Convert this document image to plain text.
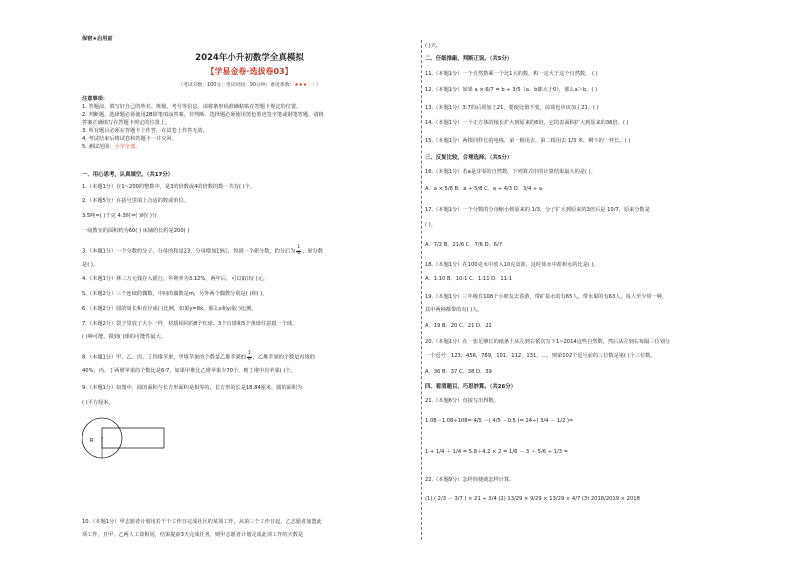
保密★启用前
2024年小升初数学全真模拟
【学易金卷·选拔卷03】
（考试分数：100分；考试时间：90分钟；难度系数：★★★☆☆）
注意事项：
1. 答题前，填写好自己的姓名、班级、考号等信息，请将条形码准确粘贴在答题卡规定的位置。
2. 判断题、选择题必须使用2B铅笔填涂答案，非判断、选择题必须使用黑色墨迹签字笔或钢笔答题，请将
答案正确填写在答题卡规定的位置上。
3. 所有题目必须在答题卡上作答，在试卷上作答无效。
4. 考试结束后将试卷和答题卡一并交回。
5. 测试范围：小学全部。
一、用心思考，认真填空。（共17分）
1.（本题1分）在1~200的整数中，是3的倍数或4的倍数的数一共有( )个。
2.（本题5分）在括号里填上合适的数或单位。
3.5吨=( )千克 4.3时=( )时( )分
一间教室的面积约为60( ) 床铺的长约是200( )
3.（本题1分）一个分数的分子、分母的和是23，分母增加19后，得到一个新分数，约分后为 $\frac{1}{6}$ ，原分数
是( )。
4.（本题1分）林三万元钱存入银行，年利率为3.12%，两年后，可以取出( )元。
5.（本题2分）三个连续的偶数，中间的偶数是m，另外两个偶数分别是( )和( )。
6.（本题2分）圆的周长和直径成( )比例，如果y=8x，那么x和y成( )比例。
7.（本题2分）袋子里放了大小一样、材质相同的8个红球、3个白球和5个黄球任意摸一个球，
( )种可能，摸到( )球的可能性最大。
8.（本题1分）甲、乙、丙、丁四堆苹果，甲堆苹果的个数是乙堆苹果的 $\frac{1}{6}$ ，乙堆苹果的个数是丙堆的
40%，丙、丁两堆苹果的个数比是6:7，如果甲堆比乙堆苹果少70个，则丁堆中有苹果( )个。
9.（本题1分）如图中，圆的面积与长方形面积是相等的，长方形的长是18.84厘米，圆的面积为
( )平方厘米。
R
10.（本题1分）甲志愿者计划用若干个工作日完成社区的某项工作，从第三个工作日起，乙志愿者加盟此
项工作，且甲、乙两人工效相同，结果提前3天完成任务，则甲志愿者计划完成此项工作的天数是
( )天。
二、仔细推敲，判断正误。（共5分）
11.（本题1分）一个自然数乘一个比1大的数，积一定大于这个自然数。 ( )
12.（本题1分）如果 a × 6/7 = b ÷ 3/5（a、b都大于0），那么a＞b。( )
13.（本题1分）3:7的后项加上21，要使比值不变，前项也应该加上21。( )
14.（本题1分）一个正方体的棱长扩大到原来的6倍，它的表面积扩大到原来的36倍。( )
15.（本题1分）两根同样长的电线，第一根用去，第二根用去 1/3 米，剩下的一样长。( )
三、反复比较，合理选择。（共5分）
16.（本题1分）若a是非零的自然数，下列算式中的计算结果最大的是( )。
A．a × 5/8 B．a ÷ 5/8 C．a ÷ 4/3 D．3/4 ÷ a
17.（本题1分）一个分数的分母缩小到原来的 1/3，分子扩大到原来的3倍后是 10/7，原来分数是
( )。
A．7/2 B．21/6 C．7/6 D．6/7
18.（本题1分）在100克水中放入10克食盐，这时盐水中盐和水的比是( )。
A．1:10 B．10:1 C．1:11 D．11:1
19.（本题1分）三年级有108个小朋友去春游，带矿泉水的有65人，带水果的有63人，每人至少带一种，
其中两种都带的有( )人。
A．19 B．20 C．21 D．22
20.（本题1分）在一张足够长的纸条上从左到右依次写下1~2014这些自然数，然后从左到右每隔三位划分
一个逗号：123，456，789，101，112，131，…，则第102个逗号前的三位数是第( )个三位数。
A．36 B．37 C．38 D．39
四、看清题目，巧思妙算。（共26分）
21.（本题6分）直接写出得数。
1.08－1.08÷108= 4/5 －( 4/5 －0.5 )= 24÷( 3/4 － 1/2 )=
1 ÷ 1/4 ＋ 1/4 = 5.8＋4.2 × 2 = 1/6 － 3 ＋ 5/6 ÷ 1/3 =
22.（本题9分）怎样简便就怎样计算。
(1) ( 2/3 － 3/7 ) × 21 ÷ 3/4 (2) 13/29 × 9/29 × 13/29 × 4/7 (3) 2018/2019 × 2018
